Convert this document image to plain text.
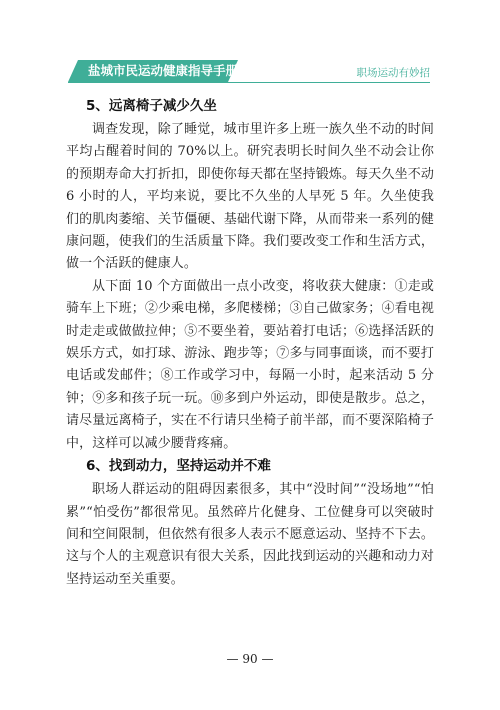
盐城市民运动健康指导手册	职场运动有妙招
5、远离椅子减少久坐

调查发现，除了睡觉，城市里许多上班一族久坐不动的时间平均占醒着时间的 70%以上。研究表明长时间久坐不动会让你的预期寿命大打折扣，即使你每天都在坚持锻炼。每天久坐不动 6 小时的人，平均来说，要比不久坐的人早死 5 年。久坐使我们的肌肉萎缩、关节僵硬、基础代谢下降，从而带来一系列的健康问题，使我们的生活质量下降。我们要改变工作和生活方式，做一个活跃的健康人。

从下面 10 个方面做出一点小改变，将收获大健康：①走或骑车上下班；②少乘电梯，多爬楼梯；③自己做家务；④看电视时走走或做做拉伸；⑤不要坐着，要站着打电话；⑥选择活跃的娱乐方式，如打球、游泳、跑步等；⑦多与同事面谈，而不要打电话或发邮件；⑧工作或学习中，每隔一小时，起来活动 5 分钟；⑨多和孩子玩一玩。⑩多到户外运动，即使是散步。总之，请尽量远离椅子，实在不行请只坐椅子前半部，而不要深陷椅子中，这样可以减少腰背疼痛。

6、找到动力，坚持运动并不难

职场人群运动的阻碍因素很多，其中“没时间”“没场地”“怕累”“怕受伤”都很常见。虽然碎片化健身、工位健身可以突破时间和空间限制，但依然有很多人表示不愿意运动、坚持不下去。这与个人的主观意识有很大关系，因此找到运动的兴趣和动力对坚持运动至关重要。

— 90 —
